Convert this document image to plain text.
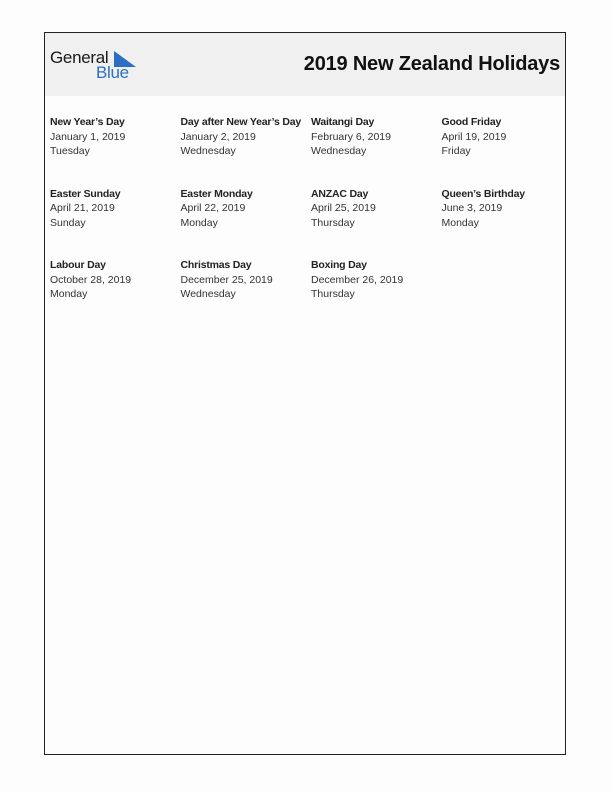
General
Blue	2019 New Zealand Holidays
New Year’s Day
January 1, 2019
Tuesday
Day after New Year’s Day
January 2, 2019
Wednesday
Waitangi Day
February 6, 2019
Wednesday
Good Friday
April 19, 2019
Friday
Easter Sunday
April 21, 2019
Sunday
Easter Monday
April 22, 2019
Monday
ANZAC Day
April 25, 2019
Thursday
Queen’s Birthday
June 3, 2019
Monday
Labour Day
October 28, 2019
Monday
Christmas Day
December 25, 2019
Wednesday
Boxing Day
December 26, 2019
Thursday
